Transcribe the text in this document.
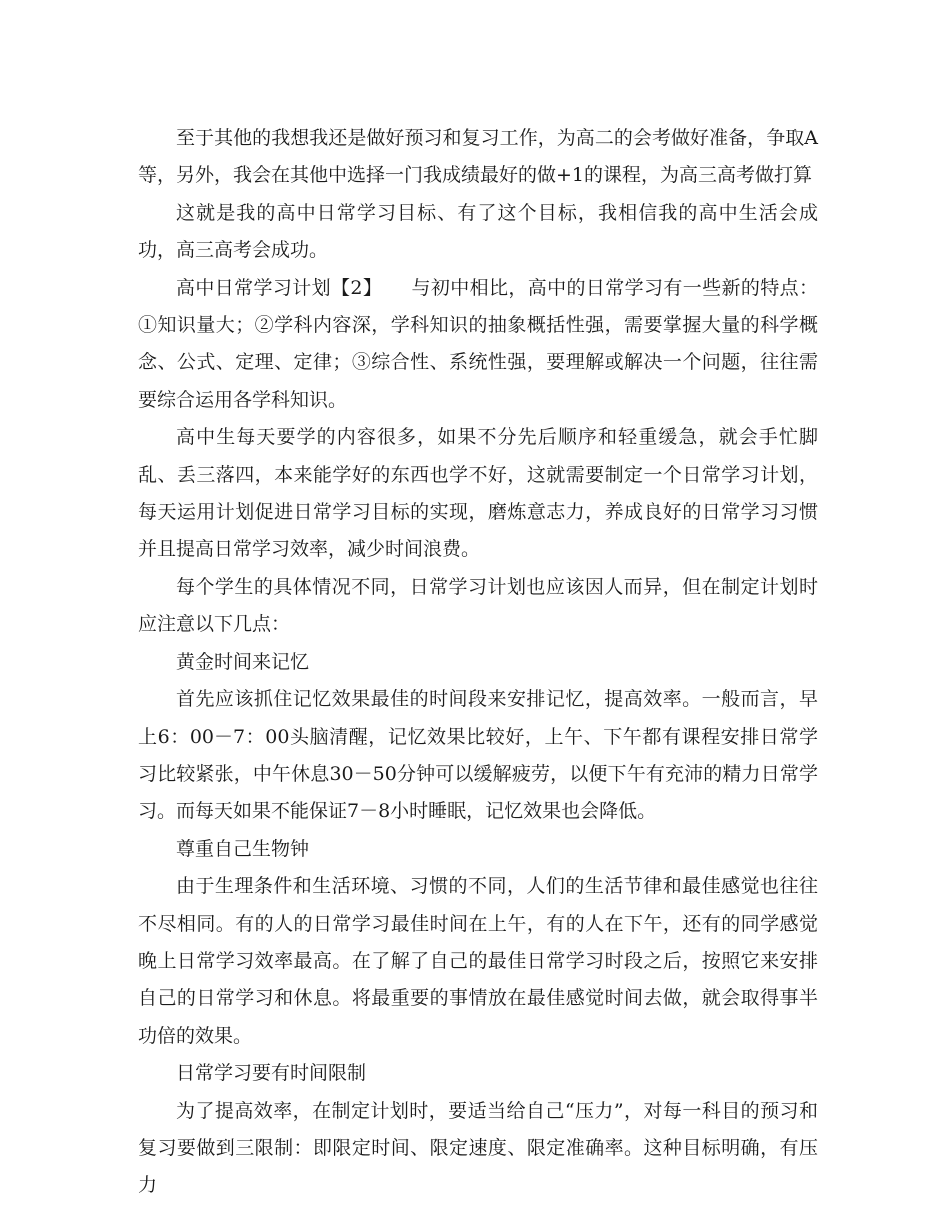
至于其他的我想我还是做好预习和复习工作，为高二的会考做好准备，争取A等，另外，我会在其他中选择一门我成绩最好的做+1的课程，为高三高考做打算

这就是我的高中日常学习目标、有了这个目标，我相信我的高中生活会成功，高三高考会成功。

高中日常学习计划【2】　　与初中相比，高中的日常学习有一些新的特点：①知识量大；②学科内容深，学科知识的抽象概括性强，需要掌握大量的科学概念、公式、定理、定律；③综合性、系统性强，要理解或解决一个问题，往往需要综合运用各学科知识。

高中生每天要学的内容很多，如果不分先后顺序和轻重缓急，就会手忙脚乱、丢三落四，本来能学好的东西也学不好，这就需要制定一个日常学习计划，每天运用计划促进日常学习目标的实现，磨炼意志力，养成良好的日常学习习惯并且提高日常学习效率，减少时间浪费。

每个学生的具体情况不同，日常学习计划也应该因人而异，但在制定计划时应注意以下几点：

黄金时间来记忆

首先应该抓住记忆效果最佳的时间段来安排记忆，提高效率。一般而言，早上6：00－7：00头脑清醒，记忆效果比较好，上午、下午都有课程安排日常学习比较紧张，中午休息30－50分钟可以缓解疲劳，以便下午有充沛的精力日常学习。而每天如果不能保证7－8小时睡眠，记忆效果也会降低。

尊重自己生物钟

由于生理条件和生活环境、习惯的不同，人们的生活节律和最佳感觉也往往不尽相同。有的人的日常学习最佳时间在上午，有的人在下午，还有的同学感觉晚上日常学习效率最高。在了解了自己的最佳日常学习时段之后，按照它来安排自己的日常学习和休息。将最重要的事情放在最佳感觉时间去做，就会取得事半功倍的效果。

日常学习要有时间限制

为了提高效率，在制定计划时，要适当给自己“压力”，对每一科目的预习和复习要做到三限制：即限定时间、限定速度、限定准确率。这种目标明确，有压力
